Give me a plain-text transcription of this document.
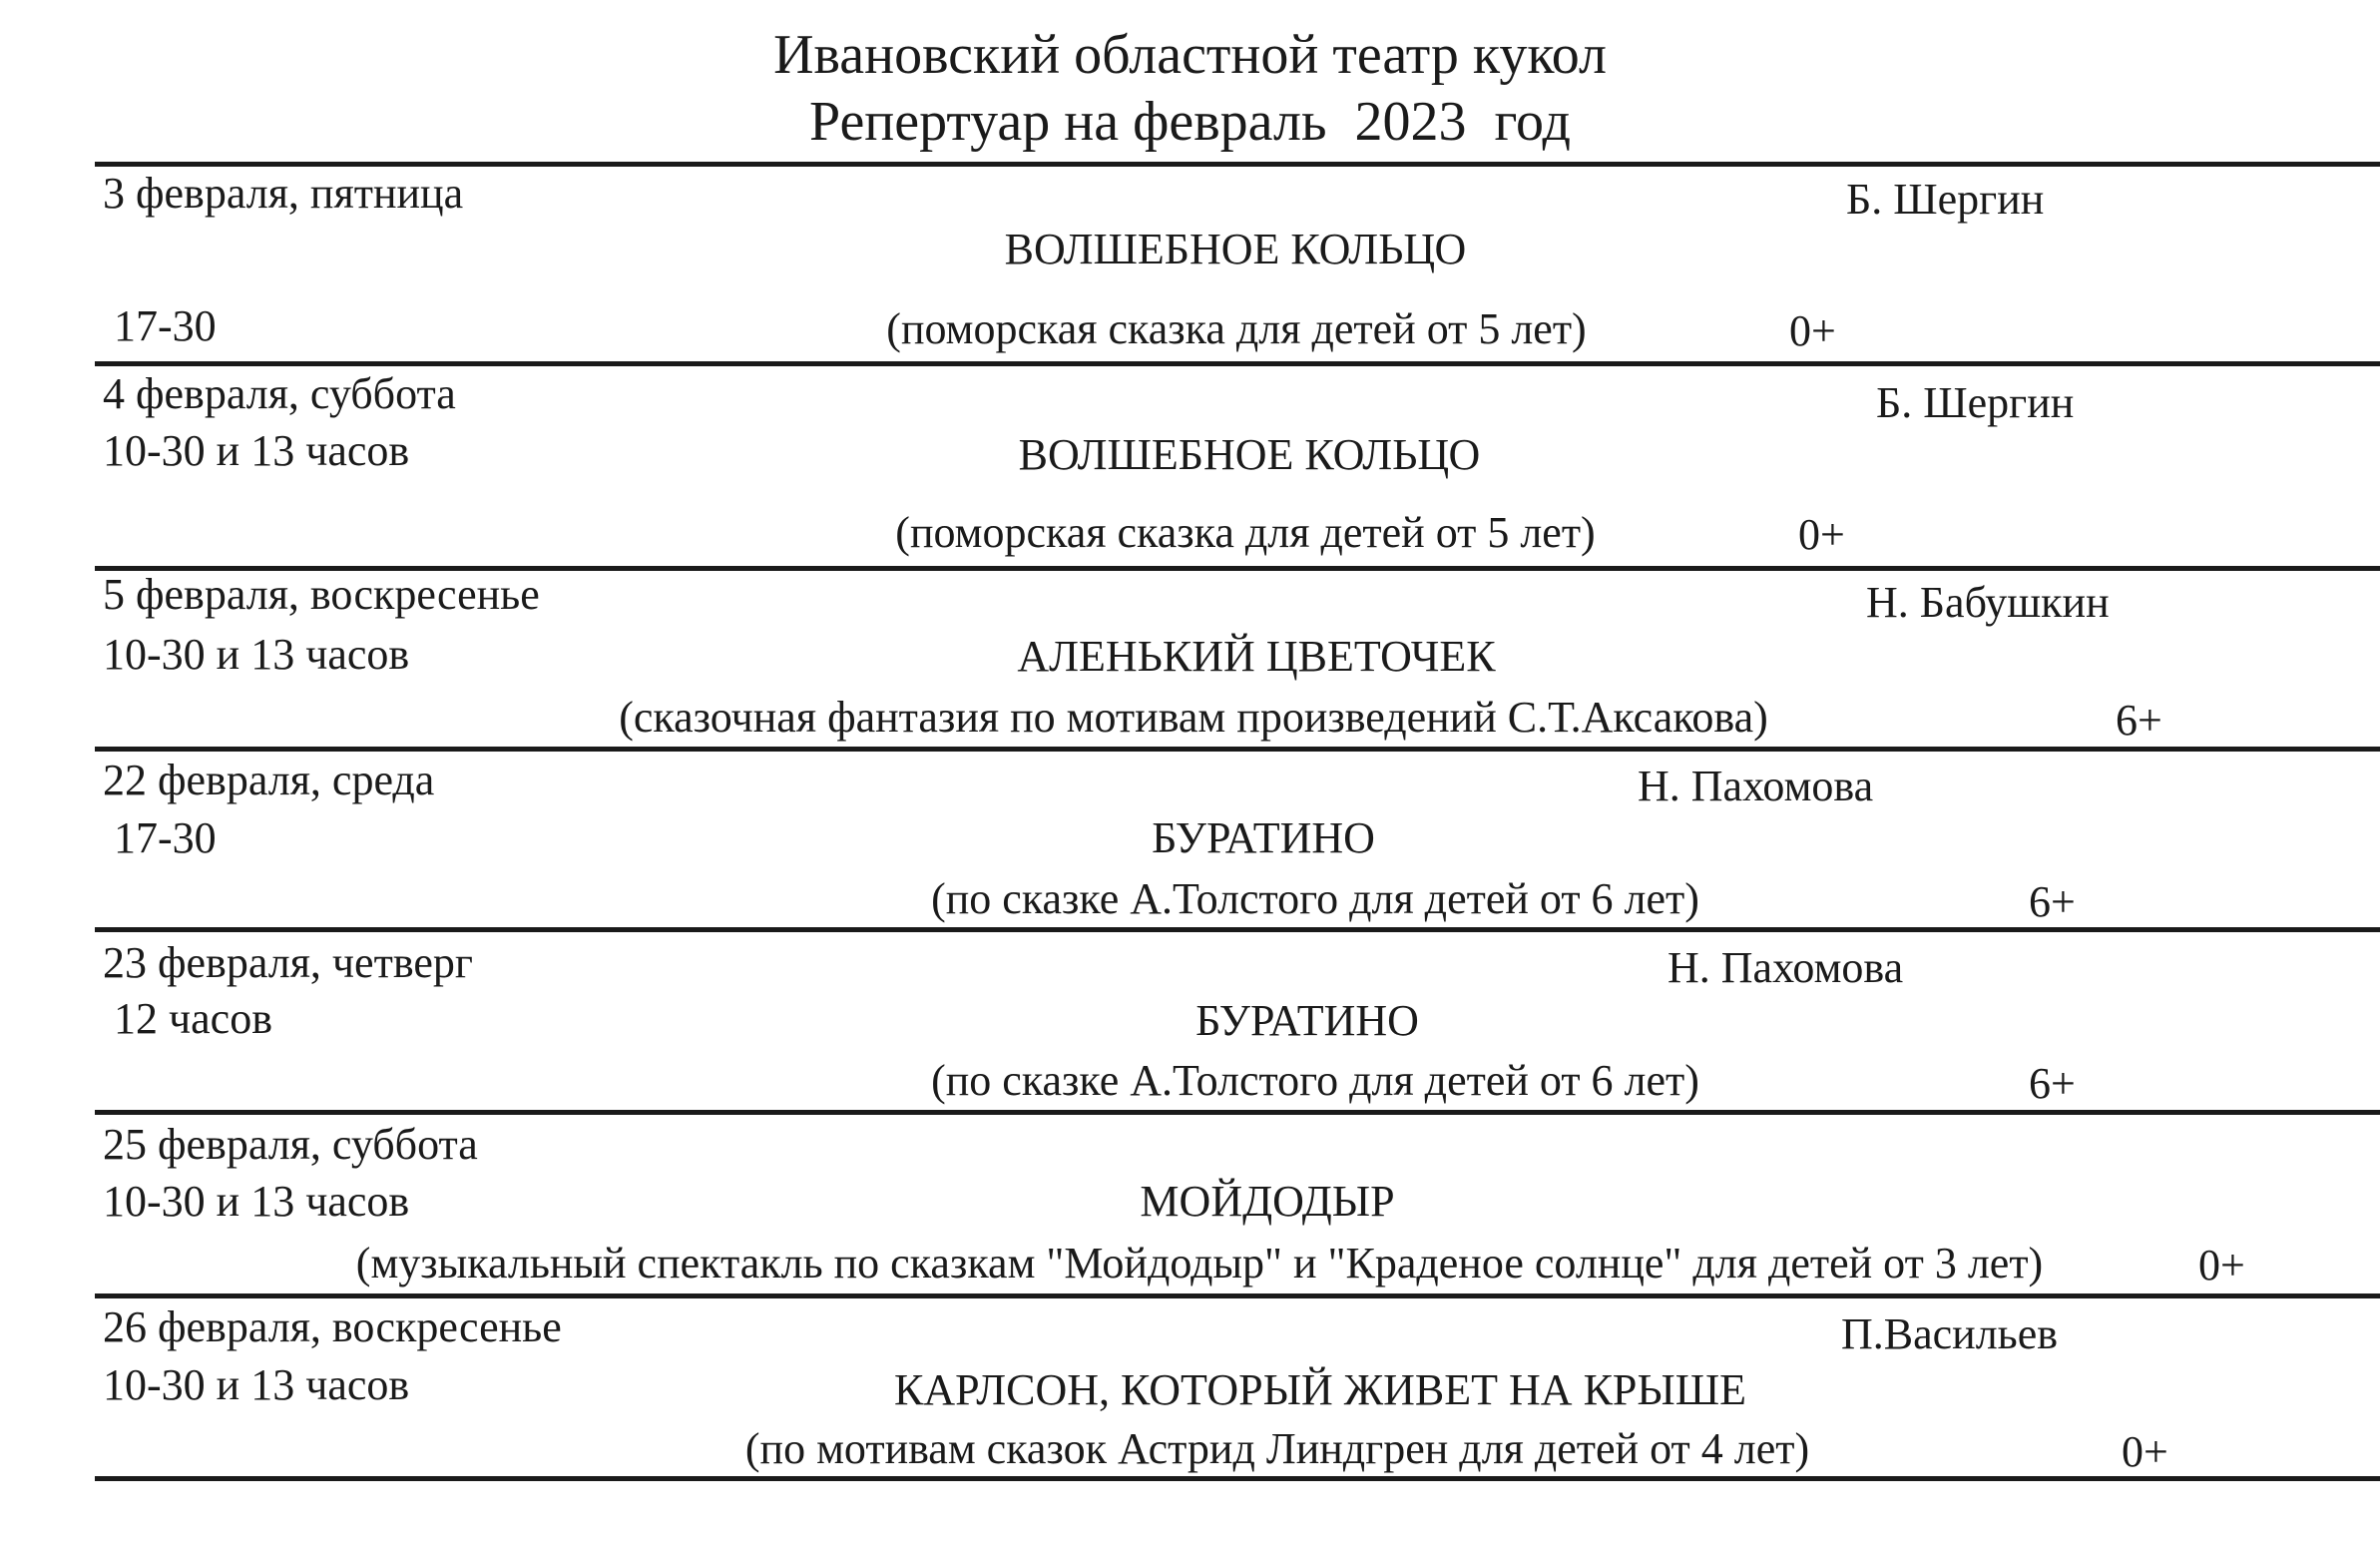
Ивановский областной театр кукол
Репертуар на февраль  2023  год
3 февраля, пятница	Б. Шергин
ВОЛШЕБНОЕ КОЛЬЦО
17-30	(поморская сказка для детей от 5 лет)	0+
4 февраля, суббота	Б. Шергин
10-30 и 13 часов	ВОЛШЕБНОЕ КОЛЬЦО
(поморская сказка для детей от 5 лет)	0+
5 февраля, воскресенье	Н. Бабушкин
10-30 и 13 часов	АЛЕНЬКИЙ ЦВЕТОЧЕК
(сказочная фантазия по мотивам произведений С.Т.Аксакова)	6+
22 февраля, среда	Н. Пахомова
17-30	БУРАТИНО
(по сказке А.Толстого для детей от 6 лет)	6+
23 февраля, четверг	Н. Пахомова
12 часов	БУРАТИНО
(по сказке А.Толстого для детей от 6 лет)	6+
25 февраля, суббота
10-30 и 13 часов	МОЙДОДЫР
(музыкальный спектакль по сказкам "Мойдодыр" и "Краденое солнце" для детей от 3 лет)	0+
26 февраля, воскресенье	П.Васильев
10-30 и 13 часов	КАРЛСОН, КОТОРЫЙ ЖИВЕТ НА КРЫШЕ
(по мотивам сказок Астрид Линдгрен для детей от 4 лет)	0+
